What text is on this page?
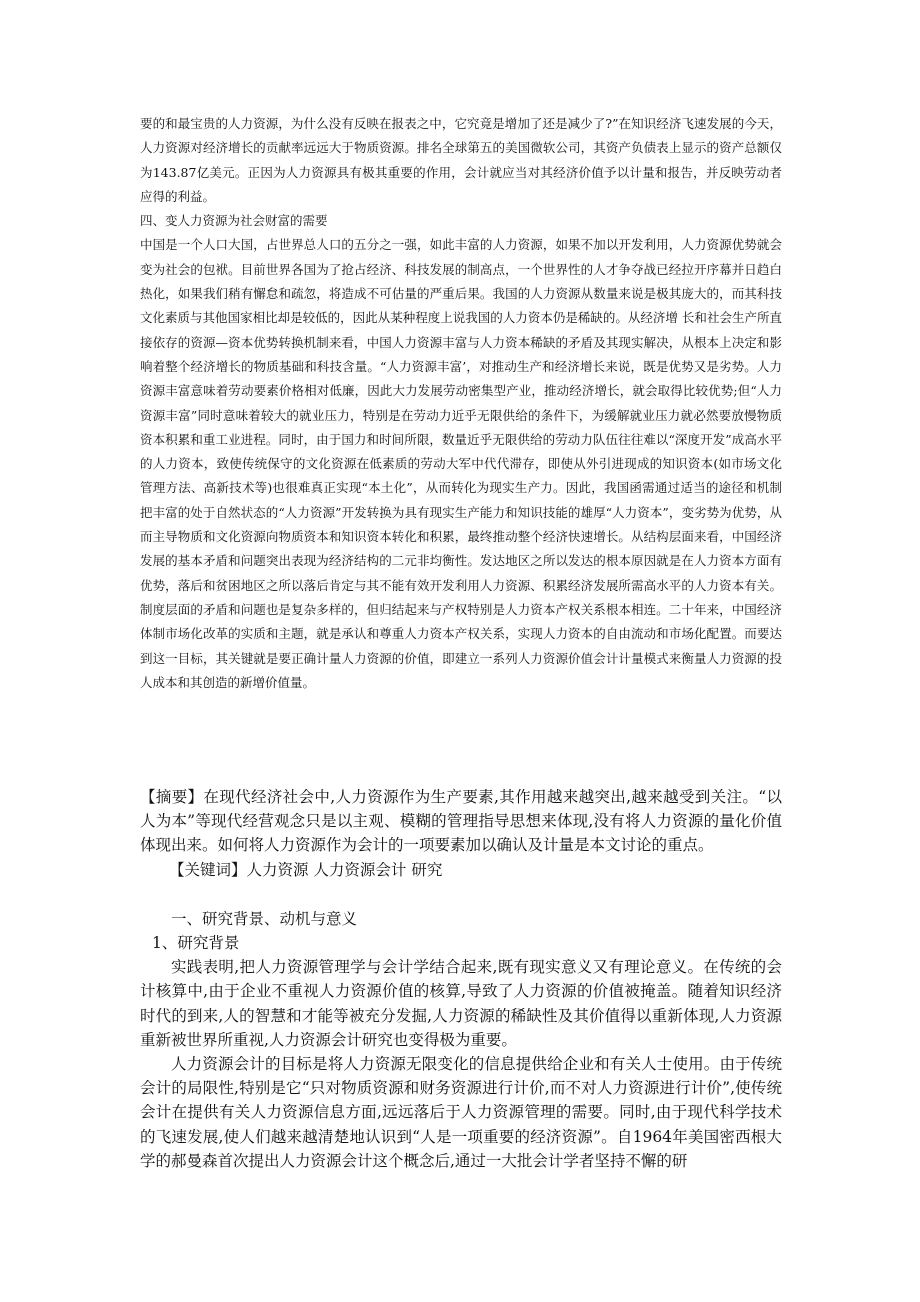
要的和最宝贵的人力资源，为什么没有反映在报表之中，它究竟是增加了还是减少了?”在知识经济飞速发展的今天，人力资源对经济增长的贡献率远远大于物质资源。排名全球第五的美国微软公司，其资产负债表上显示的资产总额仅为143.87亿美元。正因为人力资源具有极其重要的作用，会计就应当对其经济价值予以计量和报告，并反映劳动者应得的利益。

四、变人力资源为社会财富的需要

中国是一个人口大国，占世界总人口的五分之一强，如此丰富的人力资源，如果不加以开发利用，人力资源优势就会变为社会的包袱。目前世界各国为了抢占经济、科技发展的制高点，一个世界性的人才争夺战已经拉开序幕并日趋白热化，如果我们稍有懈怠和疏忽，将造成不可估量的严重后果。我国的人力资源从数量来说是极其庞大的，而其科技文化素质与其他国家相比却是较低的，因此从某种程度上说我国的人力资本仍是稀缺的。从经济增 长和社会生产所直接依存的资源—资本优势转换机制来看，中国人力资源丰富与人力资本稀缺的矛盾及其现实解决，从根本上决定和影响着整个经济增长的物质基础和科技含量。“人力资源丰富’，对推动生产和经济增长来说，既是优势又是劣势。人力资源丰富意味着劳动要素价格相对低廉，因此大力发展劳动密集型产业，推动经济增长，就会取得比较优势;但“人力资源丰富”同时意味着较大的就业压力，特别是在劳动力近乎无限供给的条件下，为缓解就业压力就必然要放慢物质资本积累和重工业进程。同时，由于国力和时间所限，数量近乎无限供给的劳动力队伍往往难以“深度开发”成高水平的人力资本，致使传统保守的文化资源在低素质的劳动大军中代代滞存，即使从外引进现成的知识资本(如市场文化管理方法、高新技术等)也很难真正实现“本土化”，从而转化为现实生产力。因此，我国函需通过适当的途径和机制把丰富的处于自然状态的“人力资源”开发转换为具有现实生产能力和知识技能的雄厚“人力资本”，变劣势为优势，从而主导物质和文化资源向物质资本和知识资本转化和积累，最终推动整个经济快速增长。从结构层面来看，中国经济发展的基本矛盾和问题突出表现为经济结构的二元非均衡性。发达地区之所以发达的根本原因就是在人力资本方面有优势，落后和贫困地区之所以落后肯定与其不能有效开发利用人力资源、积累经济发展所需高水平的人力资本有关。制度层面的矛盾和问题也是复杂多样的，但归结起来与产权特别是人力资本产权关系根本相连。二十年来，中国经济体制市场化改革的实质和主题，就是承认和尊重人力资本产权关系，实现人力资本的自由流动和市场化配置。而要达到这一目标，其关键就是要正确计量人力资源的价值，即建立一系列人力资源价值会计计量模式来衡量人力资源的投人成本和其创造的新增价值量。

【摘要】在现代经济社会中,人力资源作为生产要素,其作用越来越突出,越来越受到关注。“以人为本”等现代经营观念只是以主观、模糊的管理指导思想来体现,没有将人力资源的量化价值体现出来。如何将人力资源作为会计的一项要素加以确认及计量是本文讨论的重点。

【关键词】人力资源 人力资源会计 研究

一、研究背景、动机与意义

1、研究背景

实践表明,把人力资源管理学与会计学结合起来,既有现实意义又有理论意义。在传统的会计核算中,由于企业不重视人力资源价值的核算,导致了人力资源的价值被掩盖。随着知识经济时代的到来,人的智慧和才能等被充分发掘,人力资源的稀缺性及其价值得以重新体现,人力资源重新被世界所重视,人力资源会计研究也变得极为重要。

人力资源会计的目标是将人力资源无限变化的信息提供给企业和有关人士使用。由于传统会计的局限性,特别是它“只对物质资源和财务资源进行计价,而不对人力资源进行计价”,使传统会计在提供有关人力资源信息方面,远远落后于人力资源管理的需要。同时,由于现代科学技术的飞速发展,使人们越来越清楚地认识到“人是一项重要的经济资源”。自1964年美国密西根大学的郝曼森首次提出人力资源会计这个概念后,通过一大批会计学者坚持不懈的研
